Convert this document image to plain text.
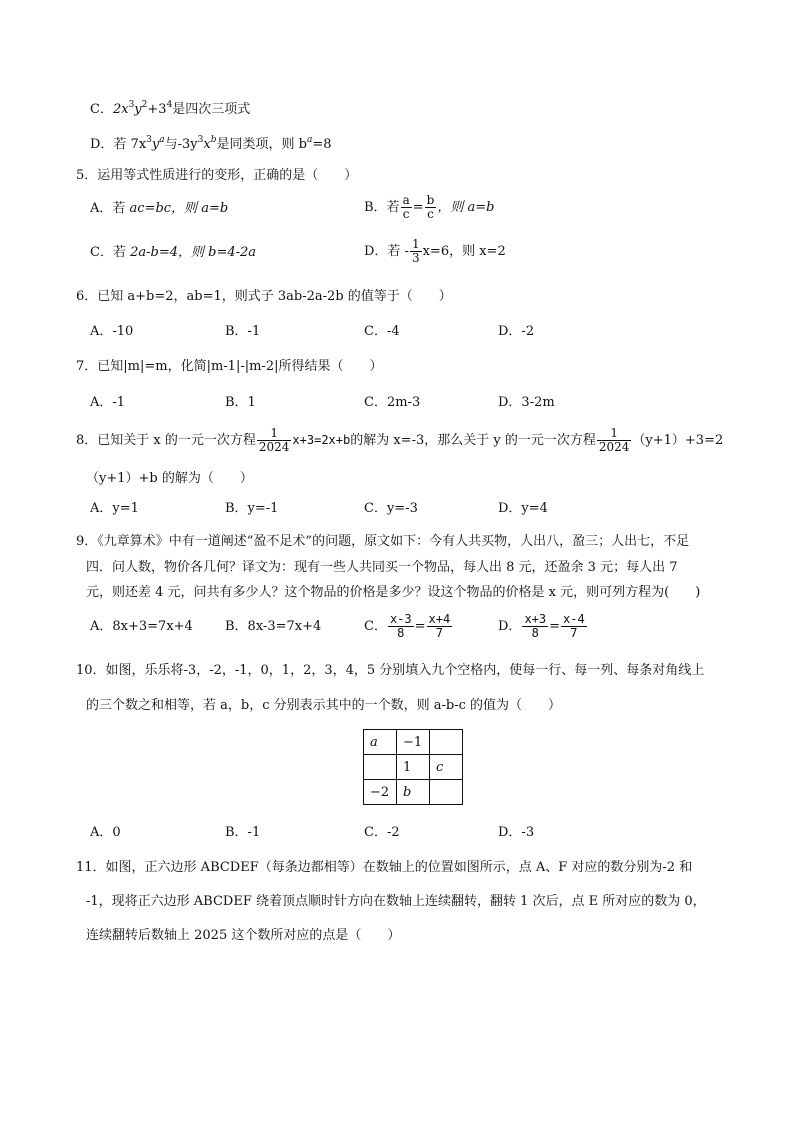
C．$2x^3y^2+3^4$是四次三项式
D．若 $7x^3y^a$与$-3y^3x^b$是同类项，则 $b^a=8$
5．运用等式性质进行的变形，正确的是（　　）
A．若 ac=bc，则 a=b	B．若 $\frac{a}{c} = \frac{b}{c}$ ，则 a=b
C．若 2a-b=4，则 b=4-2a	D．若 - $\frac{1}{3} x=6$，则 x=2
6．已知 a+b=2，ab=1，则式子 3ab-2a-2b 的值等于（　　）
A．-10	B．-1	C．-4	D．-2
7．已知|m|=m，化简|m-1|-|m-2|所得结果（　　）
A．-1	B．1	C．2m-3	D．3-2m
8．已知关于 x 的一元一次方程 $\frac{1}{2024} x+3=2x+b$的解为 x=-3，那么关于 y 的一元一次方程 $\frac{1}{2024} (y+1)+3=2$
（y+1）+b 的解为（　　）
A．y=1	B．y=-1	C．y=-3	D．y=4
9．《九章算术》中有一道阐述“盈不足术”的问题，原文如下：今有人共买物，人出八，盈三；人出七，不足
四．问人数，物价各几何？译文为：现有一些人共同买一个物品，每人出 8 元，还盈余 3 元；每人出 7
元，则还差 4 元，问共有多少人？这个物品的价格是多少？设这个物品的价格是 x 元，则可列方程为(　　)
A．8x+3=7x+4 B．8x-3=7x+4	C． $\frac{x-3}{8} = \frac{x+4}{7}$	D． $\frac{x+3}{8} = \frac{x-4}{7}$
10．如图，乐乐将-3，-2，-1，0，1，2，3，4，5 分别填入九个空格内，使每一行、每一列、每条对角线上
的三个数之和相等，若 a，b，c 分别表示其中的一个数，则 a-b-c 的值为（　　）
a	−1	
	1	c
−2	b	
A．0	B．-1	C．-2	D．-3
11．如图，正六边形 ABCDEF（每条边都相等）在数轴上的位置如图所示，点 A、F 对应的数分别为-2 和
-1，现将正六边形 ABCDEF 绕着顶点顺时针方向在数轴上连续翻转，翻转 1 次后，点 E 所对应的数为 0，
连续翻转后数轴上 2025 这个数所对应的点是（　　）
